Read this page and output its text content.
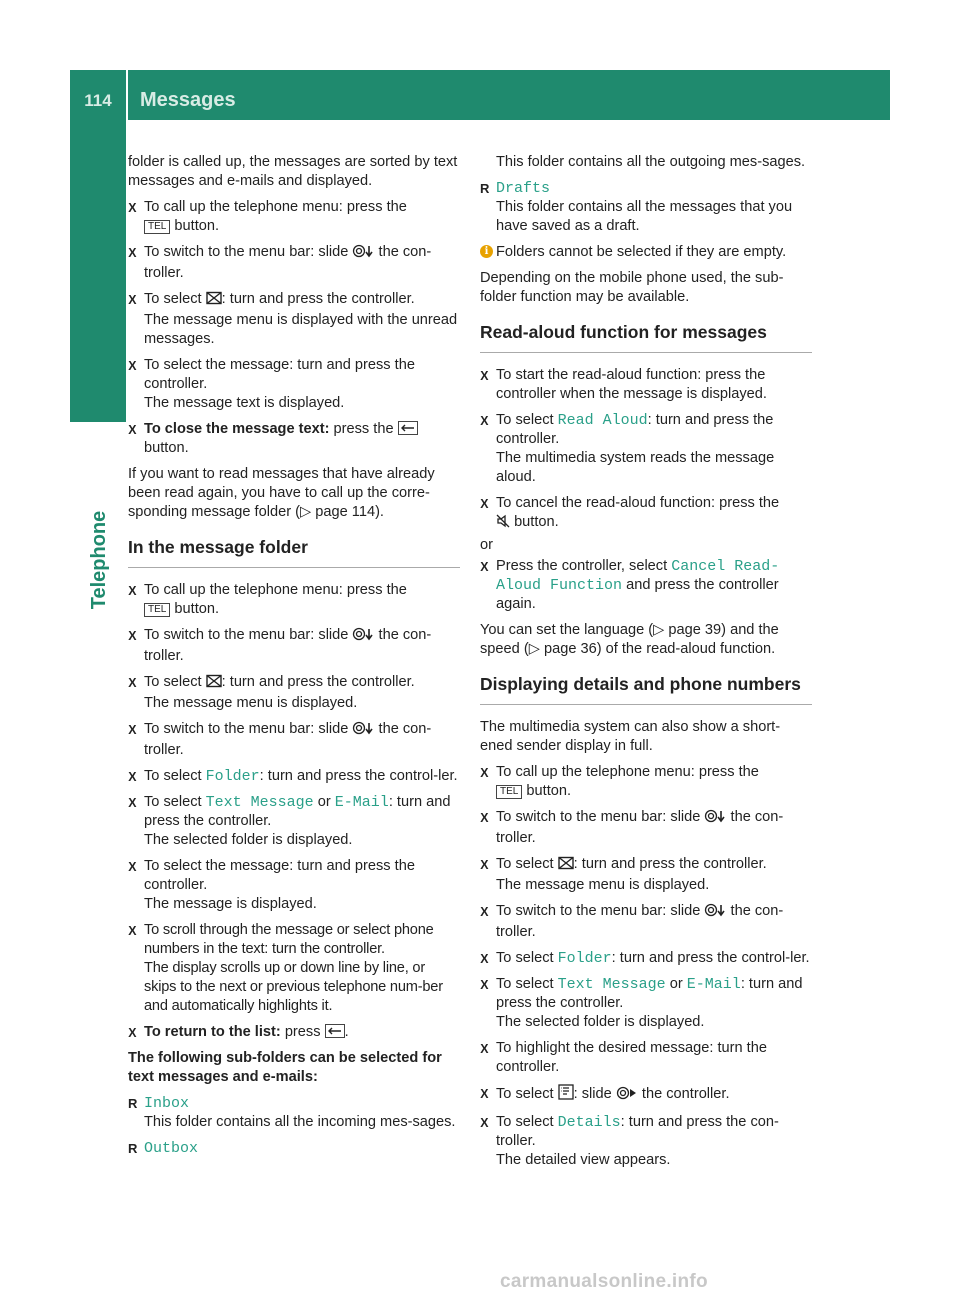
114	Messages
Telephone

folder is called up, the messages are sorted by text messages and e-mails and displayed.

X To call up the telephone menu: press the
TEL button.
X To switch to the menu bar: slide the con-troller.
X To select : turn and press the controller.
The message menu is displayed with the unread messages.
X To select the message: turn and press the controller.
The message text is displayed.
X To close the message text: press the

button.

If you want to read messages that have already been read again, you have to call up the corre-sponding message folder (▷ page 114).

In the message folder
X To call up the telephone menu: press the
TEL button.
X To switch to the menu bar: slide the con-troller.
X To select : turn and press the controller.
The message menu is displayed.
X To switch to the menu bar: slide the con-troller.
X To select Folder: turn and press the control-ler.
X To select Text Message or E-Mail: turn and press the controller.
The selected folder is displayed.
X To select the message: turn and press the controller.
The message is displayed.
X To scroll through the message or select phone numbers in the text: turn the controller.
The display scrolls up or down line by line, or skips to the next or previous telephone num-ber and automatically highlights it.
X To return to the list: press .
The following sub-folders can be selected for text messages and e-mails:
R Inbox
This folder contains all the incoming mes-sages.
R Outbox

This folder contains all the outgoing mes-sages.

R Drafts
This folder contains all the messages that you have saved as a draft.
i Folders cannot be selected if they are empty.

Depending on the mobile phone used, the sub-folder function may be available.

Read-aloud function for messages
X To start the read-aloud function: press the controller when the message is displayed.
X To select Read Aloud: turn and press the controller.
The multimedia system reads the message aloud.
X To cancel the read-aloud function: press the
button.

or

X Press the controller, select Cancel Read-
Aloud Function and press the controller again.

You can set the language (▷ page 39) and the speed (▷ page 36) of the read-aloud function.

Displaying details and phone numbers

The multimedia system can also show a short-ened sender display in full.

X To call up the telephone menu: press the
TEL button.
X To switch to the menu bar: slide the con-troller.
X To select : turn and press the controller.
The message menu is displayed.
X To switch to the menu bar: slide the con-troller.
X To select Folder: turn and press the control-ler.
X To select Text Message or E-Mail: turn and press the controller.
The selected folder is displayed.
X To highlight the desired message: turn the controller.
X To select : slide the controller.
X To select Details: turn and press the con-troller.
The detailed view appears.
carmanualsonline.info
